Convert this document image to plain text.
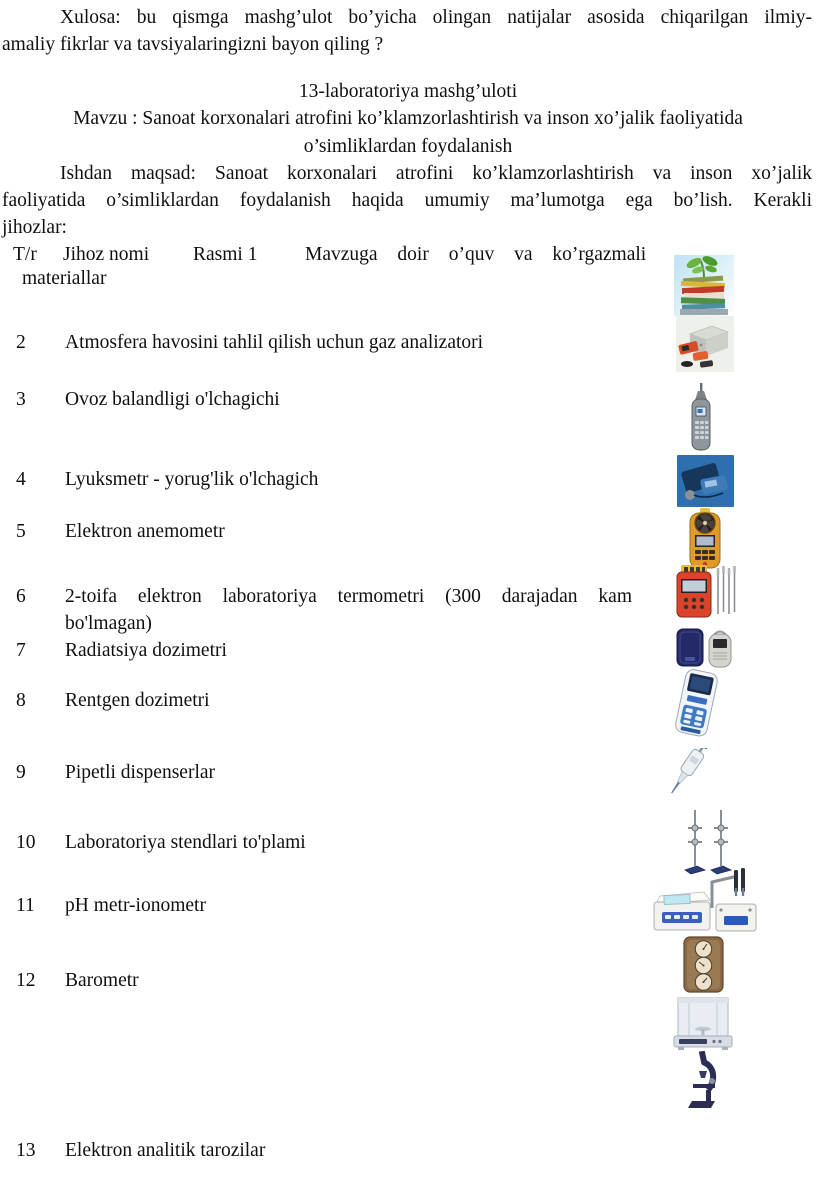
Xulosa: bu qismga mashg’ulot bo’yicha olingan natijalar asosida chiqarilgan ilmiy-
amaliy fikrlar va tavsiyalaringizni bayon qiling ?
13-laboratoriya mashg’uloti
Mavzu : Sanoat korxonalari atrofini ko’klamzorlashtirish va inson xo’jalik faoliyatida
o’simliklardan foydalanish
Ishdan maqsad: Sanoat korxonalari atrofini ko’klamzorlashtirish va inson xo’jalik
faoliyatida o’simliklardan foydalanish haqida umumiy ma’lumotga ega bo’lish. Kerakli
jihozlar:
T/r Jihoz nomi Rasmi 1 Mavzuga doir o’quv va ko’rgazmali
materiallar
2 Atmosfera havosini tahlil qilish uchun gaz analizatori
3 Ovoz balandligi o'lchagichi
4 Lyuksmetr - yorug'lik o'lchagich
5 Elektron anemometr
6 2-toifa elektron laboratoriya termometri (300 darajadan kam
bo'lmagan)
7 Radiatsiya dozimetri
8 Rentgen dozimetri
9 Pipetli dispenserlar
10 Laboratoriya stendlari to'plami
11 pH metr-ionometr
12 Barometr
13 Elektron analitik tarozilar
